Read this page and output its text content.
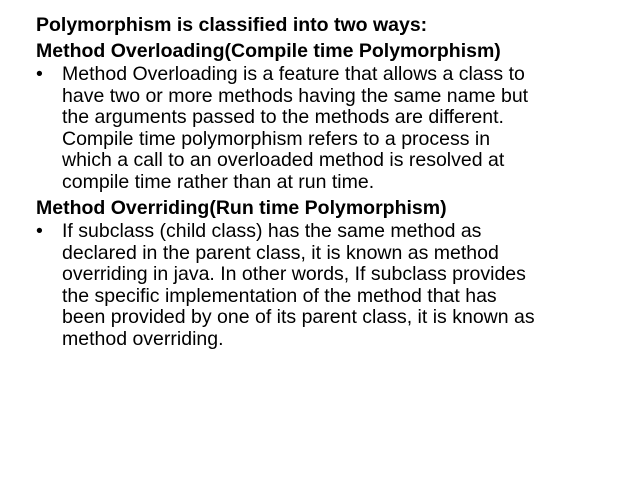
Polymorphism is classified into two ways:

Method Overloading(Compile time Polymorphism)

• Method Overloading is a feature that allows a class to
have two or more methods having the same name but
the arguments passed to the methods are different.
Compile time polymorphism refers to a process in
which a call to an overloaded method is resolved at
compile time rather than at run time.

Method Overriding(Run time Polymorphism)

• If subclass (child class) has the same method as
declared in the parent class, it is known as method
overriding in java. In other words, If subclass provides
the specific implementation of the method that has
been provided by one of its parent class, it is known as
method overriding.
